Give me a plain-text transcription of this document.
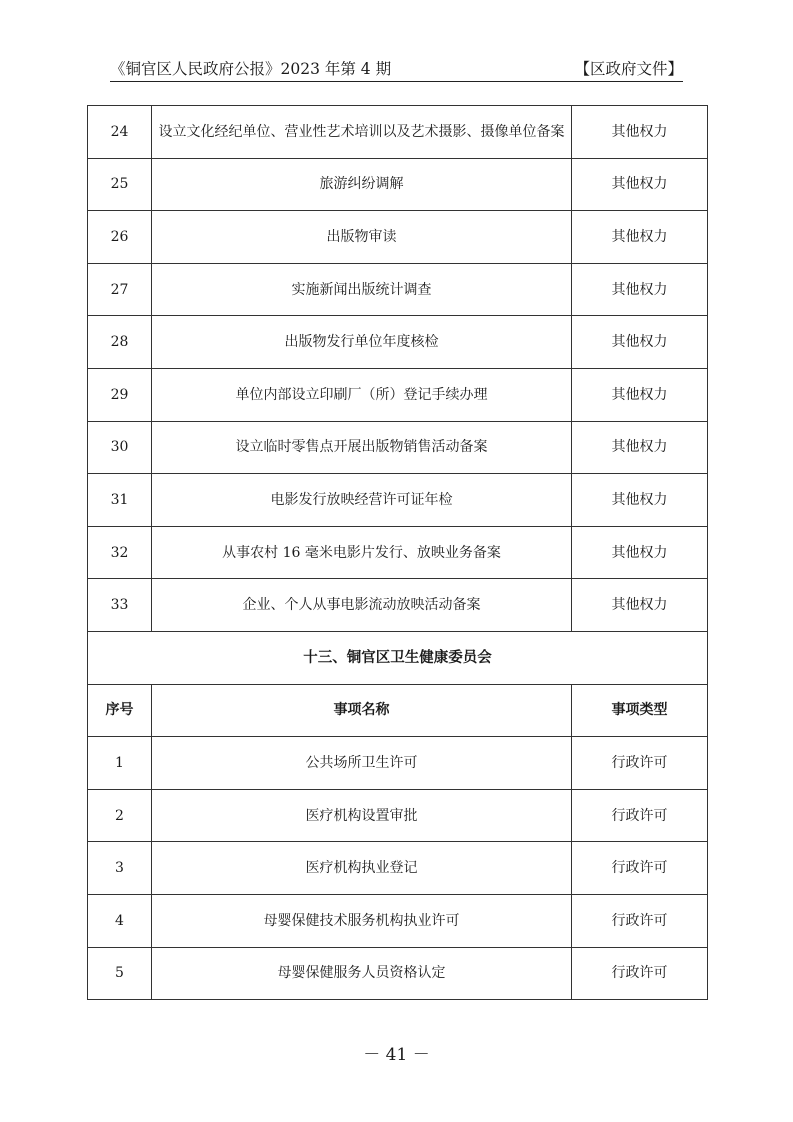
《铜官区人民政府公报》2023 年第 4 期	【区政府文件】
24	设立文化经纪单位、营业性艺术培训以及艺术摄影、摄像单位备案	其他权力
25	旅游纠纷调解	其他权力
26	出版物审读	其他权力
27	实施新闻出版统计调查	其他权力
28	出版物发行单位年度核检	其他权力
29	单位内部设立印刷厂（所）登记手续办理	其他权力
30	设立临时零售点开展出版物销售活动备案	其他权力
31	电影发行放映经营许可证年检	其他权力
32	从事农村 16 毫米电影片发行、放映业务备案	其他权力
33	企业、个人从事电影流动放映活动备案	其他权力
十三、铜官区卫生健康委员会		
序号	事项名称	事项类型
1	公共场所卫生许可	行政许可
2	医疗机构设置审批	行政许可
3	医疗机构执业登记	行政许可
4	母婴保健技术服务机构执业许可	行政许可
5	母婴保健服务人员资格认定	行政许可
－ 41 －
